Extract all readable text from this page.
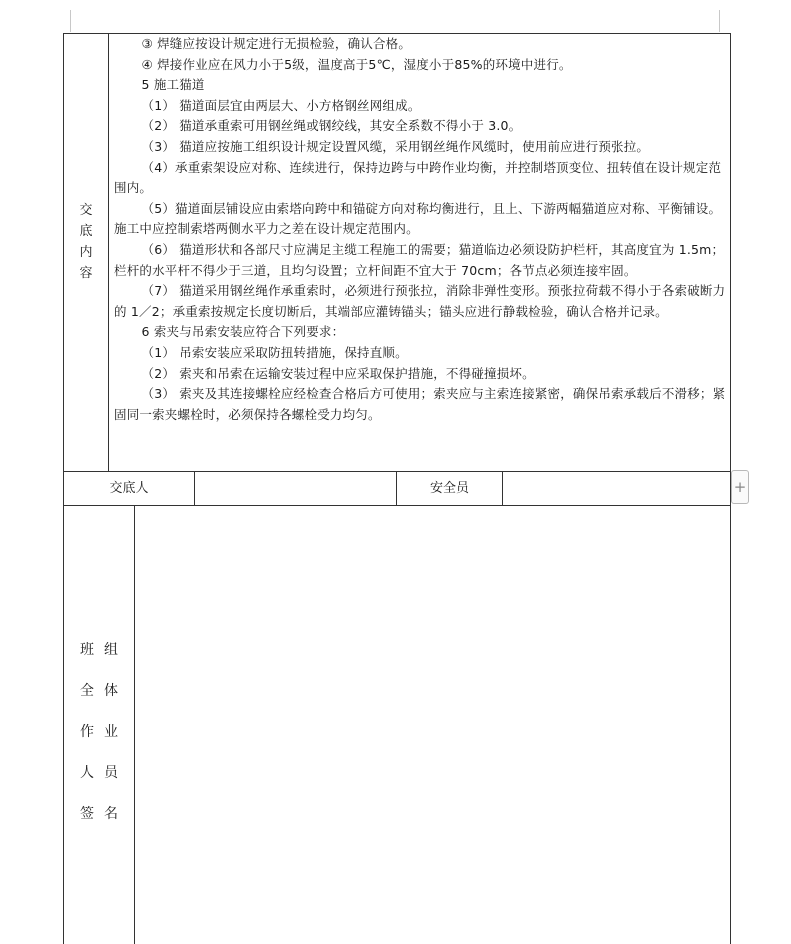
交
底
内
容

③ 焊缝应按设计规定进行无损检验，确认合格。

④ 焊接作业应在风力小于5级，温度高于5℃，湿度小于85%的环境中进行。

5 施工猫道

（1） 猫道面层宜由两层大、小方格钢丝网组成。

（2） 猫道承重索可用钢丝绳或钢绞线，其安全系数不得小于 3.0。

（3） 猫道应按施工组织设计规定设置风缆，采用钢丝绳作风缆时，使用前应进行预张拉。

（4）承重索架设应对称、连续进行，保持边跨与中跨作业均衡，并控制塔顶变位、扭转值在设计规定范围内。

（5）猫道面层铺设应由索塔向跨中和锚碇方向对称均衡进行，且上、下游两幅猫道应对称、平衡铺设。施工中应控制索塔两侧水平力之差在设计规定范围内。

（6） 猫道形状和各部尺寸应满足主缆工程施工的需要；猫道临边必须设防护栏杆，其高度宜为 1.5m；栏杆的水平杆不得少于三道，且均匀设置；立杆间距不宜大于 70cm；各节点必须连接牢固。

（7） 猫道采用钢丝绳作承重索时，必须进行预张拉，消除非弹性变形。预张拉荷载不得小于各索破断力的 1／2；承重索按规定长度切断后，其端部应灌铸锚头；锚头应进行静载检验，确认合格并记录。

6 索夹与吊索安装应符合下列要求：

（1） 吊索安装应采取防扭转措施，保持直顺。

（2） 索夹和吊索在运输安装过程中应采取保护措施，不得碰撞损坏。

（3） 索夹及其连接螺栓应经检查合格后方可使用；索夹应与主索连接紧密，确保吊索承载后不滑移；紧固同一索夹螺栓时，必须保持各螺栓受力均匀。

交底人	安全员	+
班 组
全 体
作 业
人 员
签 名
